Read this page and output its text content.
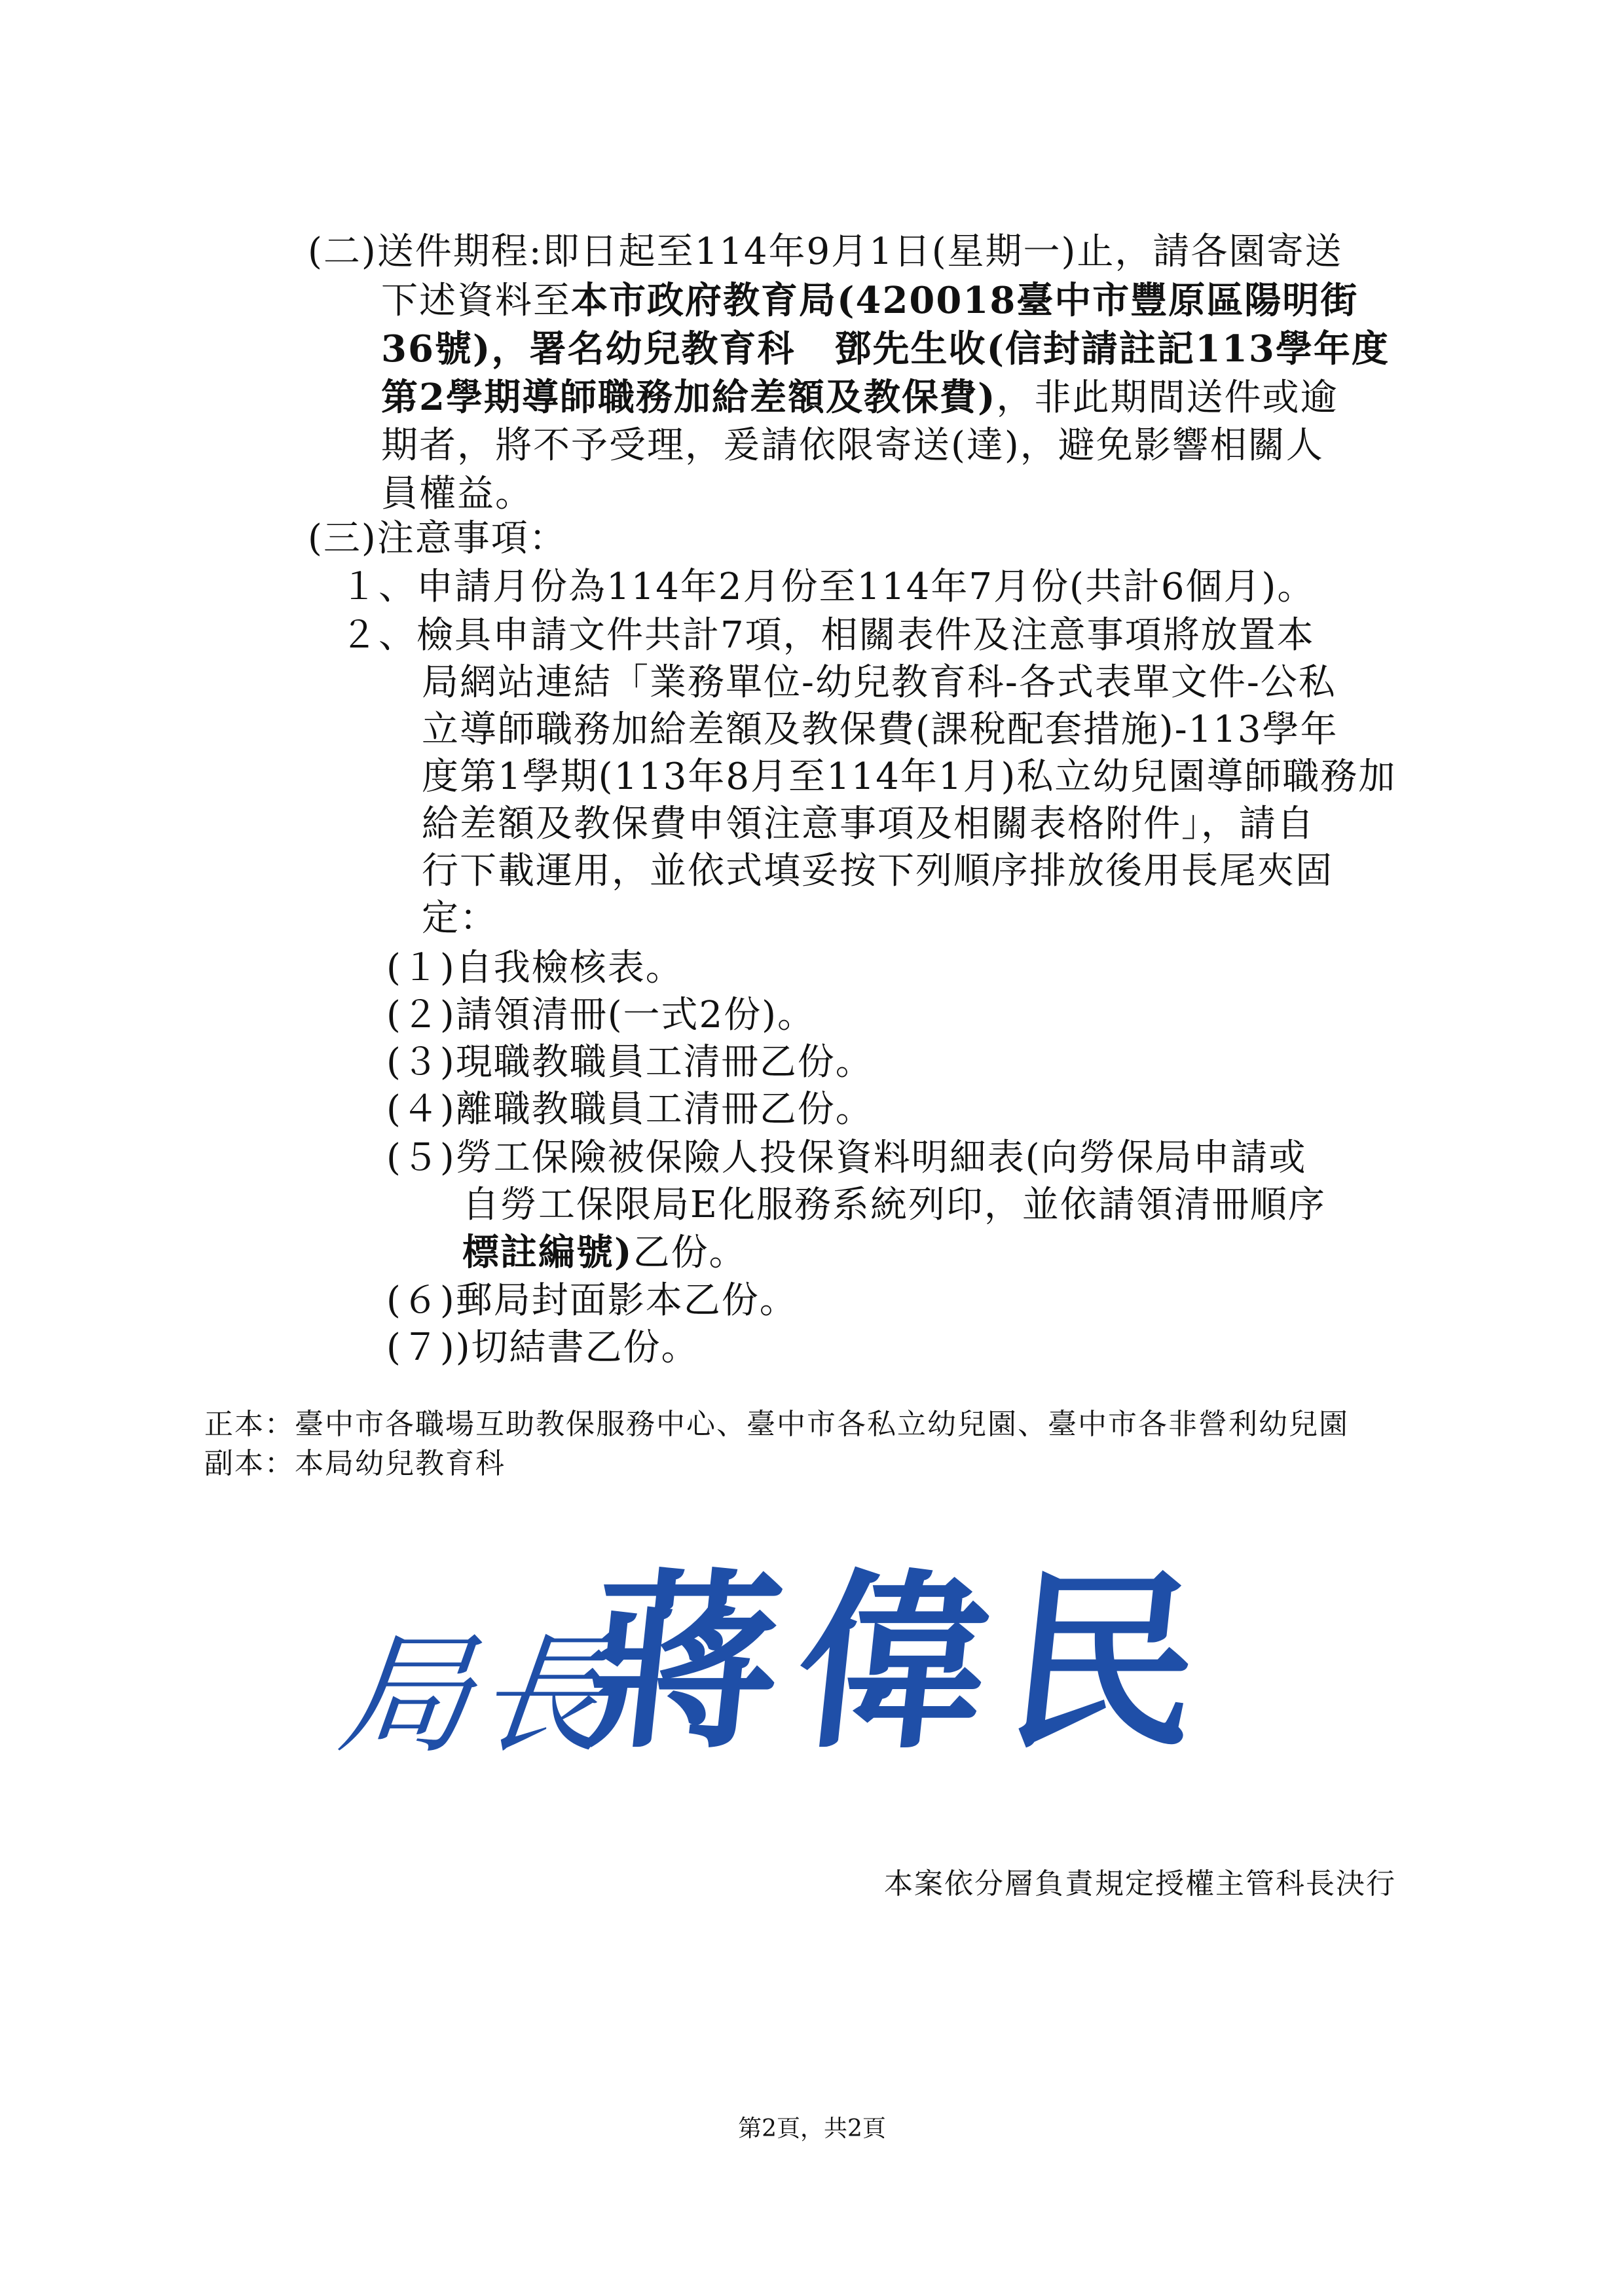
(二)送件期程:即日起至114年9月1日(星期一)止，請各園寄送
下述資料至本市政府教育局(420018臺中市豐原區陽明街
36號)，署名幼兒教育科 鄧先生收(信封請註記113學年度
第2學期導師職務加給差額及教保費)，非此期間送件或逾
期者，將不予受理，爰請依限寄送(達)，避免影響相關人
員權益。
(三)注意事項：
１、申請月份為114年2月份至114年7月份(共計6個月)。
２、檢具申請文件共計7項，相關表件及注意事項將放置本
局網站連結「業務單位-幼兒教育科-各式表單文件-公私
立導師職務加給差額及教保費(課稅配套措施)-113學年
度第1學期(113年8月至114年1月)私立幼兒園導師職務加
給差額及教保費申領注意事項及相關表格附件」，請自
行下載運用，並依式填妥按下列順序排放後用長尾夾固
定：
(１)自我檢核表。
(２)請領清冊(一式2份)。
(３)現職教職員工清冊乙份。
(４)離職教職員工清冊乙份。
(５)勞工保險被保險人投保資料明細表(向勞保局申請或
自勞工保限局E化服務系統列印，並依請領清冊順序
標註編號)乙份。
(６)郵局封面影本乙份。
(７))切結書乙份。
正本：臺中市各職場互助教保服務中心、臺中市各私立幼兒園、臺中市各非營利幼兒園
副本：本局幼兒教育科
局長
蔣偉民
本案依分層負責規定授權主管科長決行
第2頁，共2頁
